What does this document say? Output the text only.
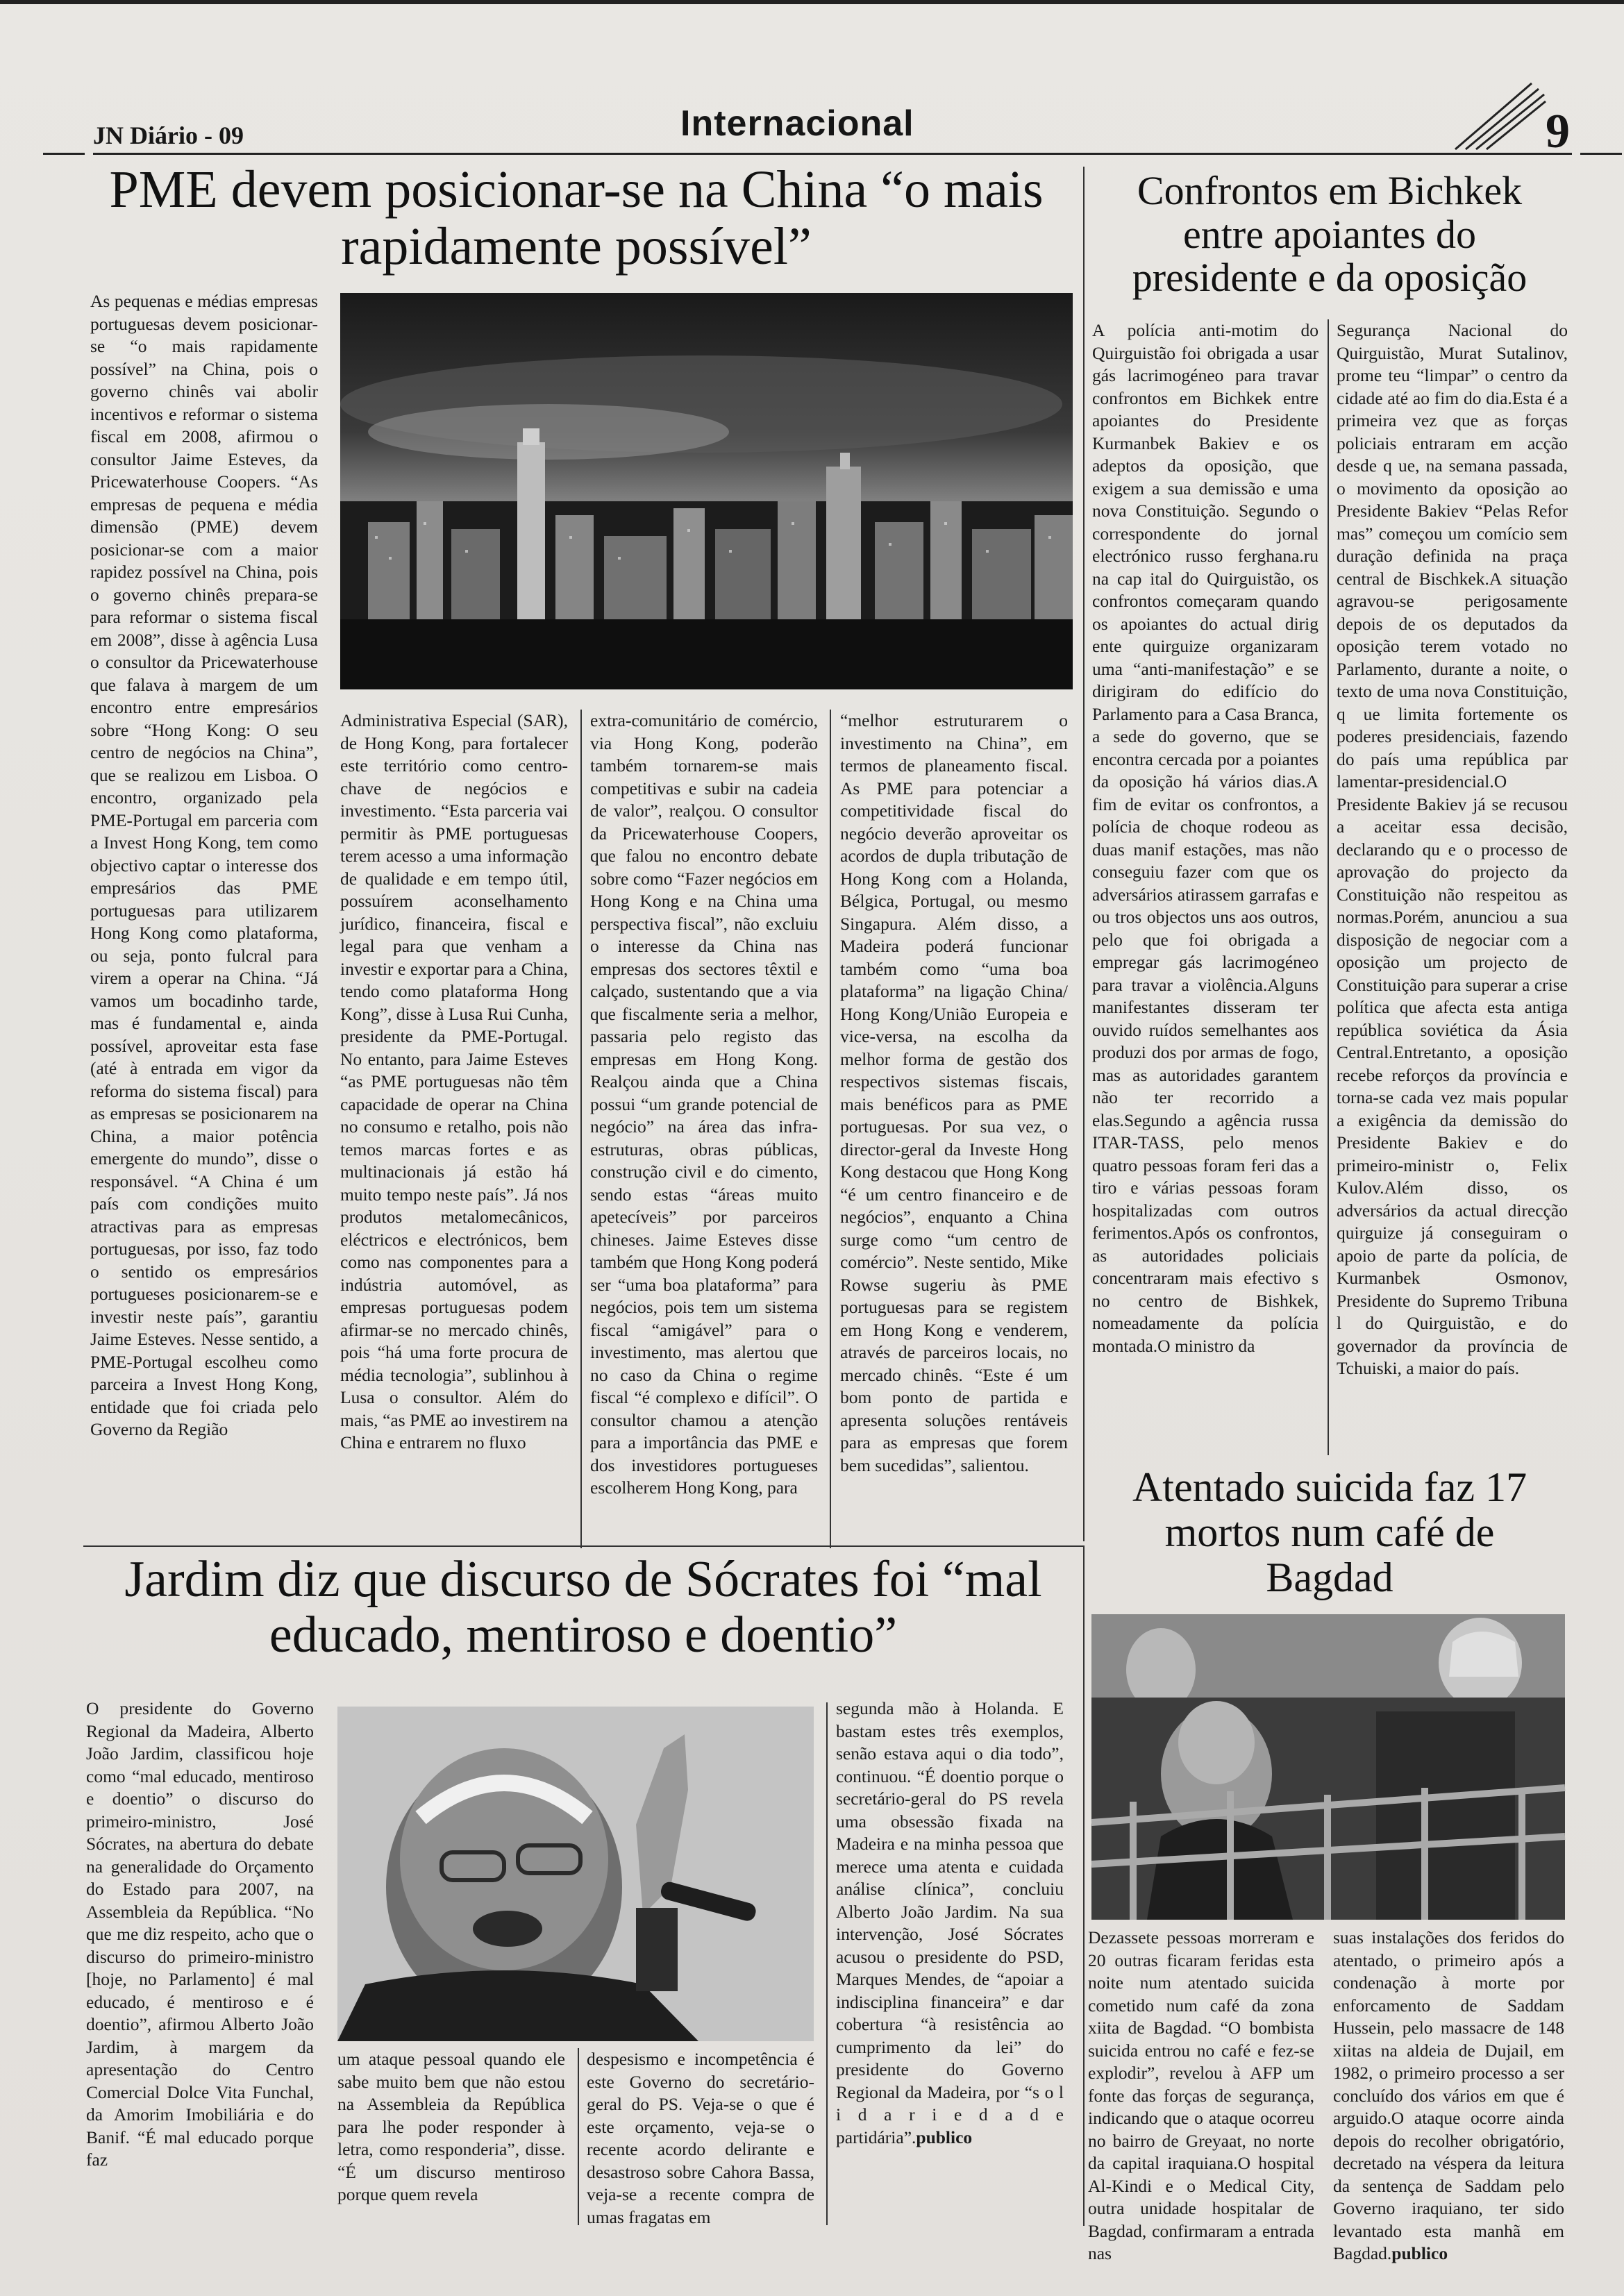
JN Diário - 09	Internacional	9
PME devem posicionar-se na China “o mais rapidamente possível”
As pequenas e médias empresas portuguesas devem posicionar-se “o mais rapidamente possível” na China, pois o governo chinês vai abolir incentivos e reformar o sistema fiscal em 2008, afirmou o consultor Jaime Esteves, da Pricewaterhouse Coopers. “As empresas de pequena e média dimensão (PME) devem posicionar-se com a maior rapidez possível na China, pois o governo chinês prepara-se para reformar o sistema fiscal em 2008”, disse à agência Lusa o consultor da Pricewaterhouse que falava à margem de um encontro entre empresários sobre “Hong Kong: O seu centro de negócios na China”, que se realizou em Lisboa. O encontro, organizado pela PME-Portugal em parceria com a Invest Hong Kong, tem como objectivo captar o interesse dos empresários das PME portuguesas para utilizarem Hong Kong como plataforma, ou seja, ponto fulcral para virem a operar na China. “Já vamos um bocadinho tarde, mas é fundamental e, ainda possível, aproveitar esta fase (até à entrada em vigor da reforma do sistema fiscal) para as empresas se posicionarem na China, a maior potência emergente do mundo”, disse o responsável. “A China é um país com condições muito atractivas para as empresas portuguesas, por isso, faz todo o sentido os empresários portugueses posicionarem-se e investir neste país”, garantiu Jaime Esteves. Nesse sentido, a PME-Portugal escolheu como parceira a Invest Hong Kong, entidade que foi criada pelo Governo da Região
Administrativa Especial (SAR), de Hong Kong, para fortalecer este território como centro-chave de negócios e investimento. “Esta parceria vai permitir às PME portuguesas terem acesso a uma informação de qualidade e em tempo útil, possuírem aconselhamento jurídico, financeira, fiscal e legal para que venham a investir e exportar para a China, tendo como plataforma Hong Kong”, disse à Lusa Rui Cunha, presidente da PME-Portugal. No entanto, para Jaime Esteves “as PME portuguesas não têm capacidade de operar na China no consumo e retalho, pois não temos marcas fortes e as multinacionais já estão há muito tempo neste país”. Já nos produtos metalomecânicos, eléctricos e electrónicos, bem como nas componentes para a indústria automóvel, as empresas portuguesas podem afirmar-se no mercado chinês, pois “há uma forte procura de média tecnologia”, sublinhou à Lusa o consultor. Além do mais, “as PME ao investirem na China e entrarem no fluxo
extra-comunitário de comércio, via Hong Kong, poderão também tornarem-se mais competitivas e subir na cadeia de valor”, realçou. O consultor da Pricewaterhouse Coopers, que falou no encontro debate sobre como “Fazer negócios em Hong Kong e na China uma perspectiva fiscal”, não excluiu o interesse da China nas empresas dos sectores têxtil e calçado, sustentando que a via que fiscalmente seria a melhor, passaria pelo registo das empresas em Hong Kong. Realçou ainda que a China possui “um grande potencial de negócio” na área das infra-estruturas, obras públicas, construção civil e do cimento, sendo estas “áreas muito apetecíveis” por parceiros chineses. Jaime Esteves disse também que Hong Kong poderá ser “uma boa plataforma” para negócios, pois tem um sistema fiscal “amigável” para o investimento, mas alertou que no caso da China o regime fiscal “é complexo e difícil”. O consultor chamou a atenção para a importância das PME e dos investidores portugueses escolherem Hong Kong, para
“melhor estruturarem o investimento na China”, em termos de planeamento fiscal. As PME para potenciar a competitividade fiscal do negócio deverão aproveitar os acordos de dupla tributação de Hong Kong com a Holanda, Bélgica, Portugal, ou mesmo Singapura. Além disso, a Madeira poderá funcionar também como “uma boa plataforma” na ligação China/ Hong Kong/União Europeia e vice-versa, na escolha da melhor forma de gestão dos respectivos sistemas fiscais, mais benéficos para as PME portuguesas. Por sua vez, o director-geral da Investe Hong Kong destacou que Hong Kong “é um centro financeiro e de negócios”, enquanto a China surge como “um centro de comércio”. Neste sentido, Mike Rowse sugeriu às PME portuguesas para se registem em Hong Kong e venderem, através de parceiros locais, no mercado chinês. “Este é um bom ponto de partida e apresenta soluções rentáveis para as empresas que forem bem sucedidas”, salientou.
Confrontos em Bichkek entre apoiantes do presidente e da oposição
A polícia anti-motim do Quirguistão foi obrigada a usar gás lacrimogéneo para travar confrontos em Bichkek entre apoiantes do Presidente Kurmanbek Bakiev e os adeptos da oposição, que exigem a sua demissão e uma nova Constituição. Segundo o correspondente do jornal electrónico russo ferghana.ru na cap ital do Quirguistão, os confrontos começaram quando os apoiantes do actual dirig ente quirguize organizaram uma “anti-manifestação” e se dirigiram do edifício do Parlamento para a Casa Branca, a sede do governo, que se encontra cercada por a poiantes da oposição há vários dias.A fim de evitar os confrontos, a polícia de choque rodeou as duas manif estações, mas não conseguiu fazer com que os adversários atirassem garrafas e ou tros objectos uns aos outros, pelo que foi obrigada a empregar gás lacrimogéneo para travar a violência.Alguns manifestantes disseram ter ouvido ruídos semelhantes aos produzi dos por armas de fogo, mas as autoridades garantem não ter recorrido a elas.Segundo a agência russa ITAR-TASS, pelo menos quatro pessoas foram feri das a tiro e várias pessoas foram hospitalizadas com outros ferimentos.Após os confrontos, as autoridades policiais concentraram mais efectivo s no centro de Bishkek, nomeadamente da polícia montada.O ministro da
Segurança Nacional do Quirguistão, Murat Sutalinov, prome teu “limpar” o centro da cidade até ao fim do dia.Esta é a primeira vez que as forças policiais entraram em acção desde q ue, na semana passada, o movimento da oposição ao Presidente Bakiev “Pelas Refor mas” começou um comício sem duração definida na praça central de Bischkek.A situação agravou-se perigosamente depois de os deputados da oposição terem votado no Parlamento, durante a noite, o texto de uma nova Constituição, q ue limita fortemente os poderes presidenciais, fazendo do país uma república par lamentar-presidencial.O Presidente Bakiev já se recusou a aceitar essa decisão, declarando qu e o processo de aprovação do projecto da Constituição não respeitou as normas.Porém, anunciou a sua disposição de negociar com a oposição um projecto de Constituição para superar a crise política que afecta esta antiga república soviética da Ásia Central.Entretanto, a oposição recebe reforços da província e torna-se cada vez mais popular a exigência da demissão do Presidente Bakiev e do primeiro-ministr o, Felix Kulov.Além disso, os adversários da actual direcção quirguize já conseguiram o apoio de parte da polícia, de Kurmanbek Osmonov, Presidente do Supremo Tribuna l do Quirguistão, e do governador da província de Tchuiski, a maior do país.
Atentado suicida faz 17 mortos num café de Bagdad
Dezassete pessoas morreram e 20 outras ficaram feridas esta noite num atentado suicida cometido num café da zona xiita de Bagdad. “O bombista suicida entrou no café e fez-se explodir”, revelou à AFP um fonte das forças de segurança, indicando que o ataque ocorreu no bairro de Greyaat, no norte da capital iraquiana.O hospital Al-Kindi e o Medical City, outra unidade hospitalar de Bagdad, confirmaram a entrada nas
suas instalações dos feridos do atentado, o primeiro após a condenação à morte por enforcamento de Saddam Hussein, pelo massacre de 148 xiitas na aldeia de Dujail, em 1982, o primeiro processo a ser concluído dos vários em que é arguido.O ataque ocorre ainda depois do recolher obrigatório, decretado na véspera da leitura da sentença de Saddam pelo Governo iraquiano, ter sido levantado esta manhã em Bagdad.publico
Jardim diz que discurso de Sócrates foi “mal educado, mentiroso e doentio”
O presidente do Governo Regional da Madeira, Alberto João Jardim, classificou hoje como “mal educado, mentiroso e doentio” o discurso do primeiro-ministro, José Sócrates, na abertura do debate na generalidade do Orçamento do Estado para 2007, na Assembleia da República. “No que me diz respeito, acho que o discurso do primeiro-ministro [hoje, no Parlamento] é mal educado, é mentiroso e é doentio”, afirmou Alberto João Jardim, à margem da apresentação do Centro Comercial Dolce Vita Funchal, da Amorim Imobiliária e do Banif. “É mal educado porque faz
um ataque pessoal quando ele sabe muito bem que não estou na Assembleia da República para lhe poder responder à letra, como responderia”, disse. “É um discurso mentiroso porque quem revela
despesismo e incompetência é este Governo do secretário-geral do PS. Veja-se o que é este orçamento, veja-se o recente acordo delirante e desastroso sobre Cahora Bassa, veja-se a recente compra de umas fragatas em
segunda mão à Holanda. E bastam estes três exemplos, senão estava aqui o dia todo”, continuou. “É doentio porque o secretário-geral do PS revela uma obsessão fixada na Madeira e na minha pessoa que merece uma atenta e cuidada análise clínica”, concluiu Alberto João Jardim. Na sua intervenção, José Sócrates acusou o presidente do PSD, Marques Mendes, de “apoiar a indisciplina financeira” e dar cobertura “à resistência ao cumprimento da lei” do presidente do Governo Regional da Madeira, por “s o l i d a r i e d a d e partidária”.publico
